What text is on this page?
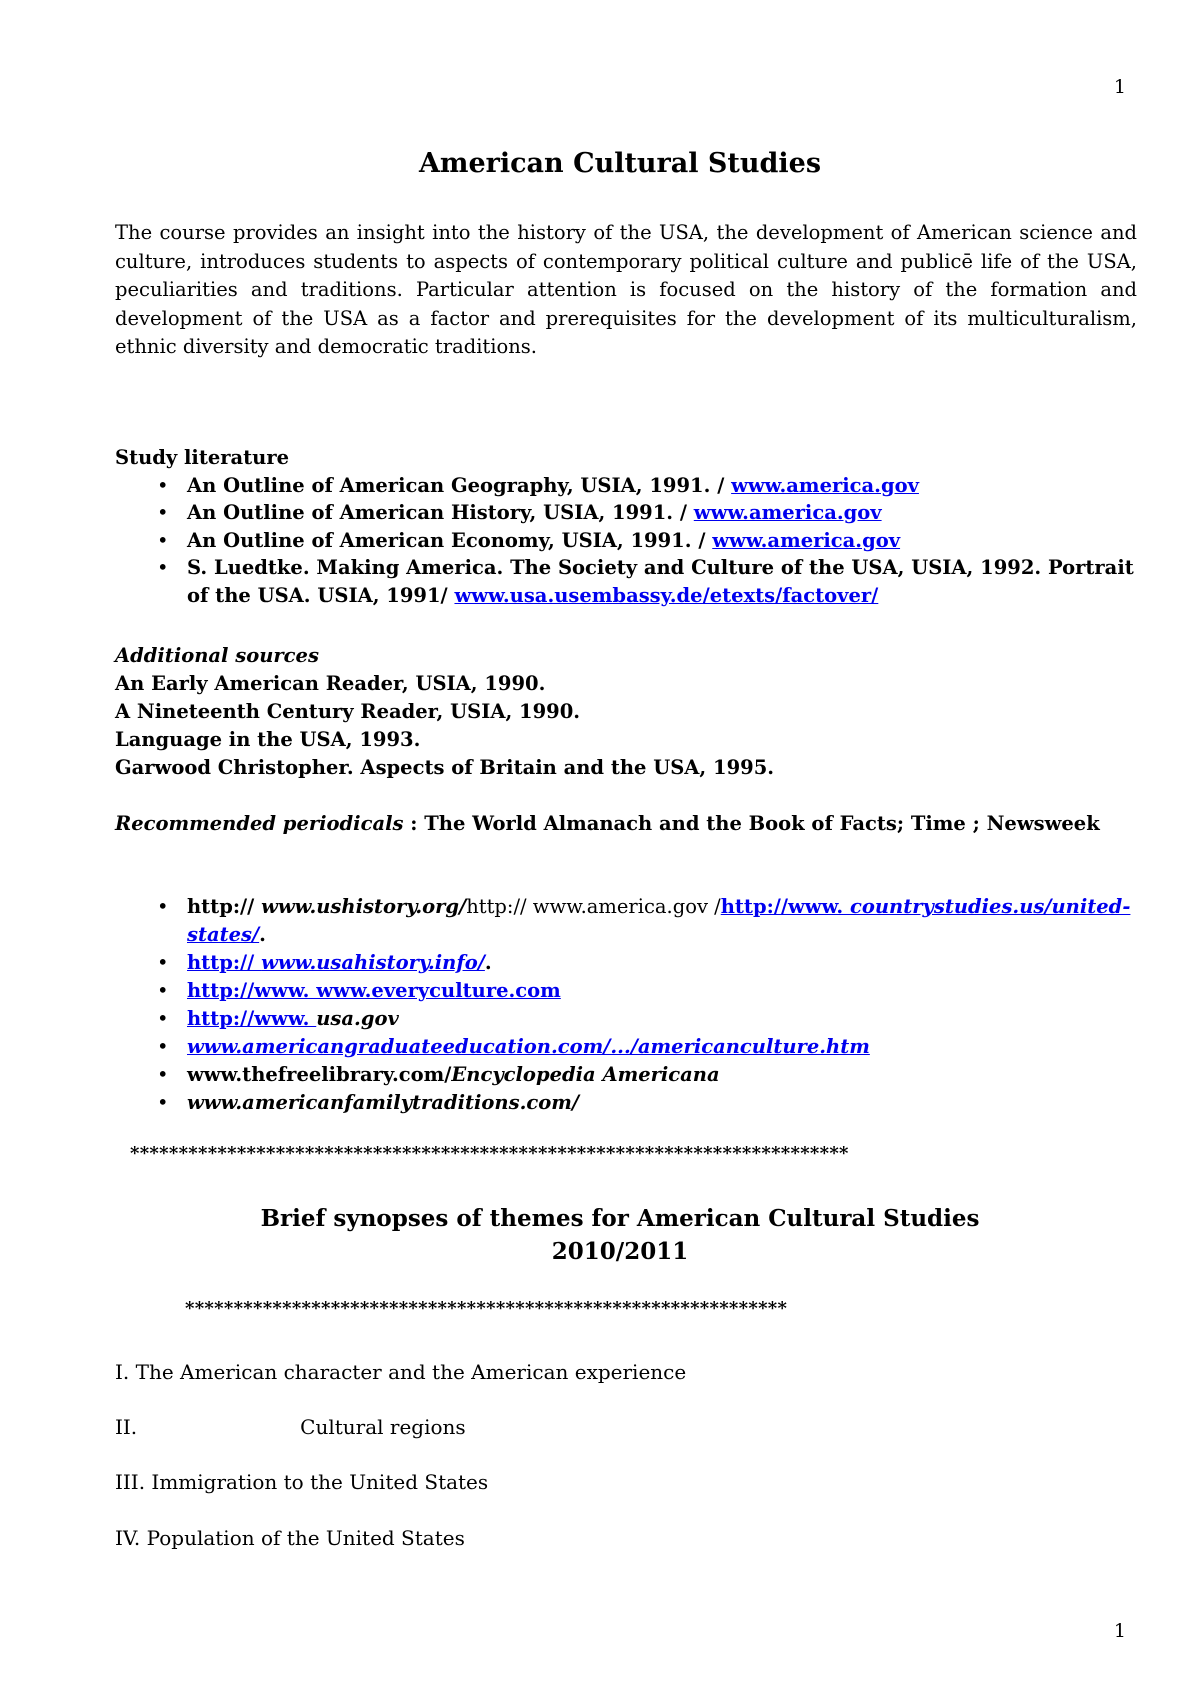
1
American Cultural Studies
The course provides an insight into the history of the USA, the development of American science and culture, introduces students to aspects of contemporary political culture and publicē life of the USA, peculiarities and traditions. Particular attention is focused on the history of the formation and development of the USA as a factor and prerequisites for the development of its multiculturalism, ethnic diversity and democratic traditions.
Study literature
• An Outline of American Geography, USIA, 1991. / www.america.gov
• An Outline of American History, USIA, 1991. / www.america.gov
• An Outline of American Economy, USIA, 1991. / www.america.gov
• S. Luedtke. Making America. The Society and Culture of the USA, USIA, 1992. Portrait of the USA. USIA, 1991/ www.usa.usembassy.de/etexts/factover/
Additional sources
An Early American Reader, USIA, 1990.
A Nineteenth Century Reader, USIA, 1990.
Language in the USA, 1993.
Garwood Christopher. Aspects of Britain and the USA, 1995.
Recommended periodicals : The World Almanach and the Book of Facts; Time ; Newsweek
• http:// www.ushistory.org/http:// www.america.gov /http://www. countrystudies.us/united-states/.
• http:// www.usahistory.info/.
• http://www. www.everyculture.com
• http://www. usa.gov
• www.americangraduateeducation.com/.../americanculture.htm
• www.thefreelibrary.com/Encyclopedia Americana
• www.americanfamilytraditions.com/
**************************************************************************
Brief synopses of themes for American Cultural Studies
2010/2011
**************************************************************
I. The American character and the American experience
II.	Cultural regions
III. Immigration to the United States
IV. Population of the United States
1
